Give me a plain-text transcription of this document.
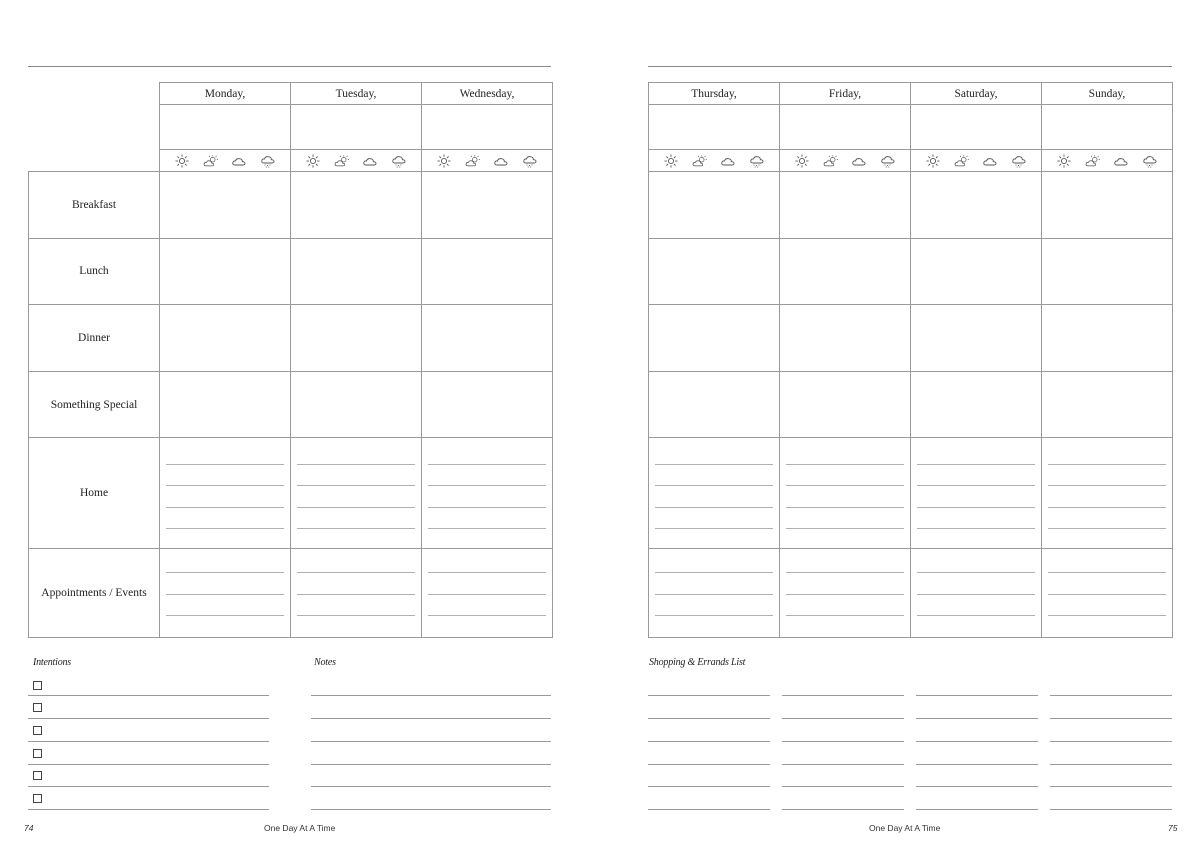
	Monday,	Tuesday,	Wednesday,

Breakfast			
Lunch			
Dinner			
Something Special			
Home	

Appointments / Events	

Intentions	Notes
74	One Day At A Time
Thursday,	Friday,	Saturday,	Sunday,

Shopping & Errands List
One Day At A Time	75
